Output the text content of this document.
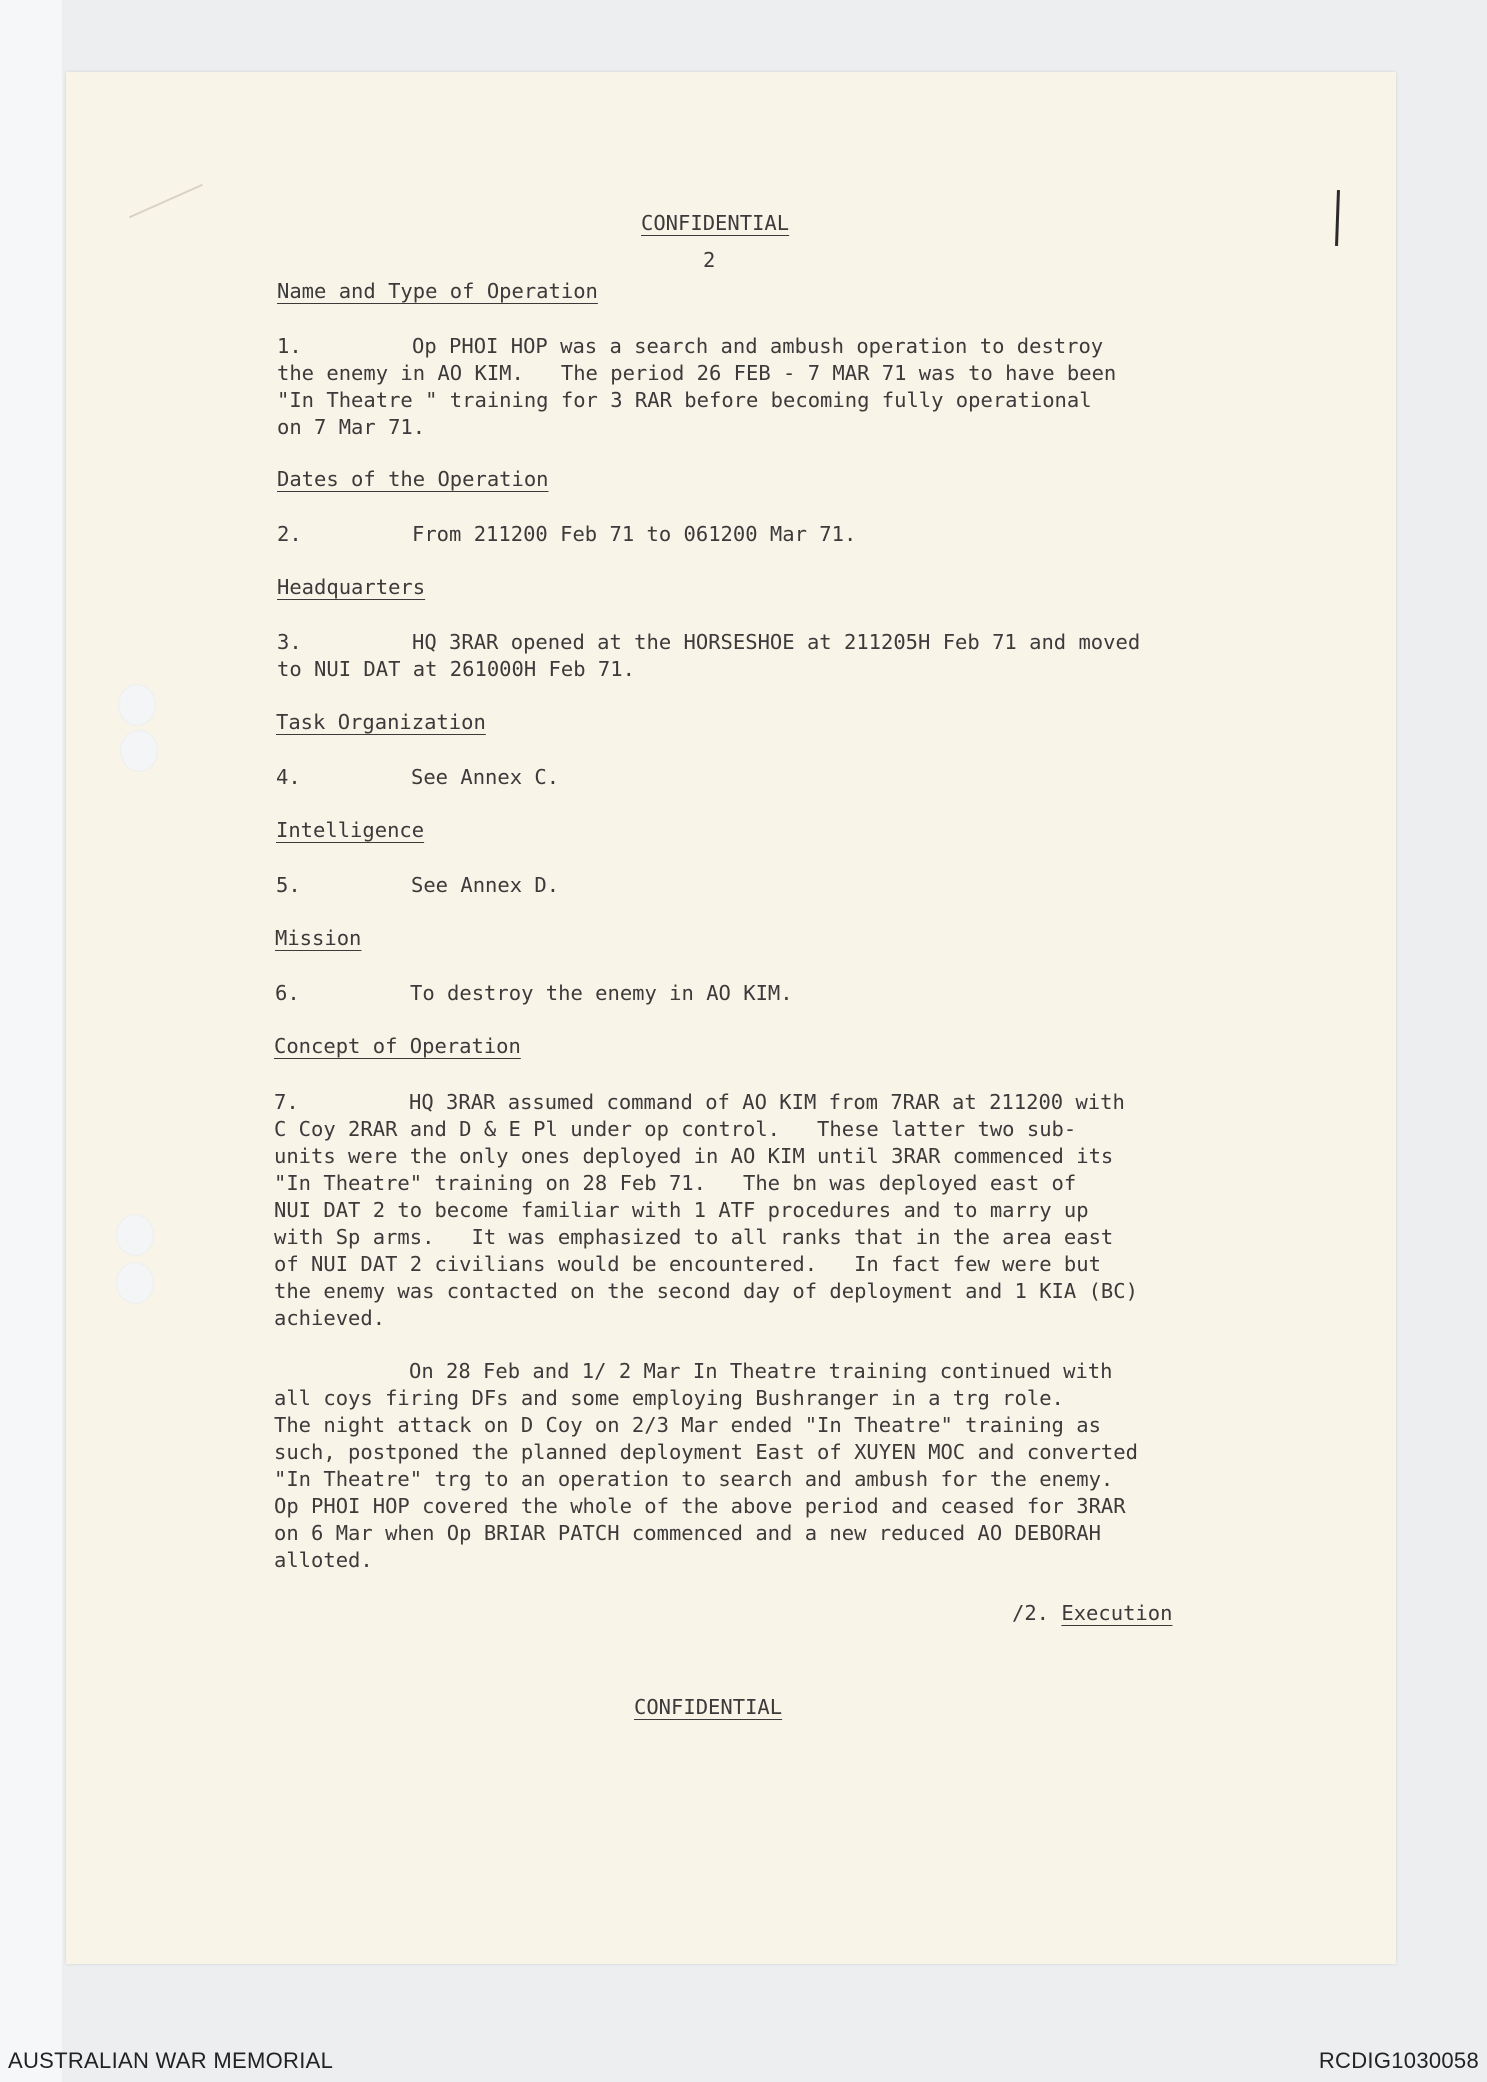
CONFIDENTIAL
2
Name and Type of Operation
1.	Op PHOI HOP was a search and ambush operation to destroy
the enemy in AO KIM.   The period 26 FEB - 7 MAR 71 was to have been
"In Theatre " training for 3 RAR before becoming fully operational
on 7 Mar 71.
Dates of the Operation
2.	From 211200 Feb 71 to 061200 Mar 71.
Headquarters
3.	HQ 3RAR opened at the HORSESHOE at 211205H Feb 71 and moved
to NUI DAT at 261000H Feb 71.
Task Organization
4.	See Annex C.
Intelligence
5.	See Annex D.
Mission
6.	To destroy the enemy in AO KIM.
Concept of Operation
7.	HQ 3RAR assumed command of AO KIM from 7RAR at 211200 with
C Coy 2RAR and D & E Pl under op control.   These latter two sub-
units were the only ones deployed in AO KIM until 3RAR commenced its
"In Theatre" training on 28 Feb 71.   The bn was deployed east of
NUI DAT 2 to become familiar with 1 ATF procedures and to marry up
with Sp arms.   It was emphasized to all ranks that in the area east
of NUI DAT 2 civilians would be encountered.   In fact few were but
the enemy was contacted on the second day of deployment and 1 KIA (BC)
achieved.
On 28 Feb and 1/ 2 Mar In Theatre training continued with
all coys firing DFs and some employing Bushranger in a trg role.
The night attack on D Coy on 2/3 Mar ended "In Theatre" training as
such, postponed the planned deployment East of XUYEN MOC and converted
"In Theatre" trg to an operation to search and ambush for the enemy.
Op PHOI HOP covered the whole of the above period and ceased for 3RAR
on 6 Mar when Op BRIAR PATCH commenced and a new reduced AO DEBORAH
alloted.
/2. Execution
CONFIDENTIAL
AUSTRALIAN WAR MEMORIAL	RCDIG1030058
